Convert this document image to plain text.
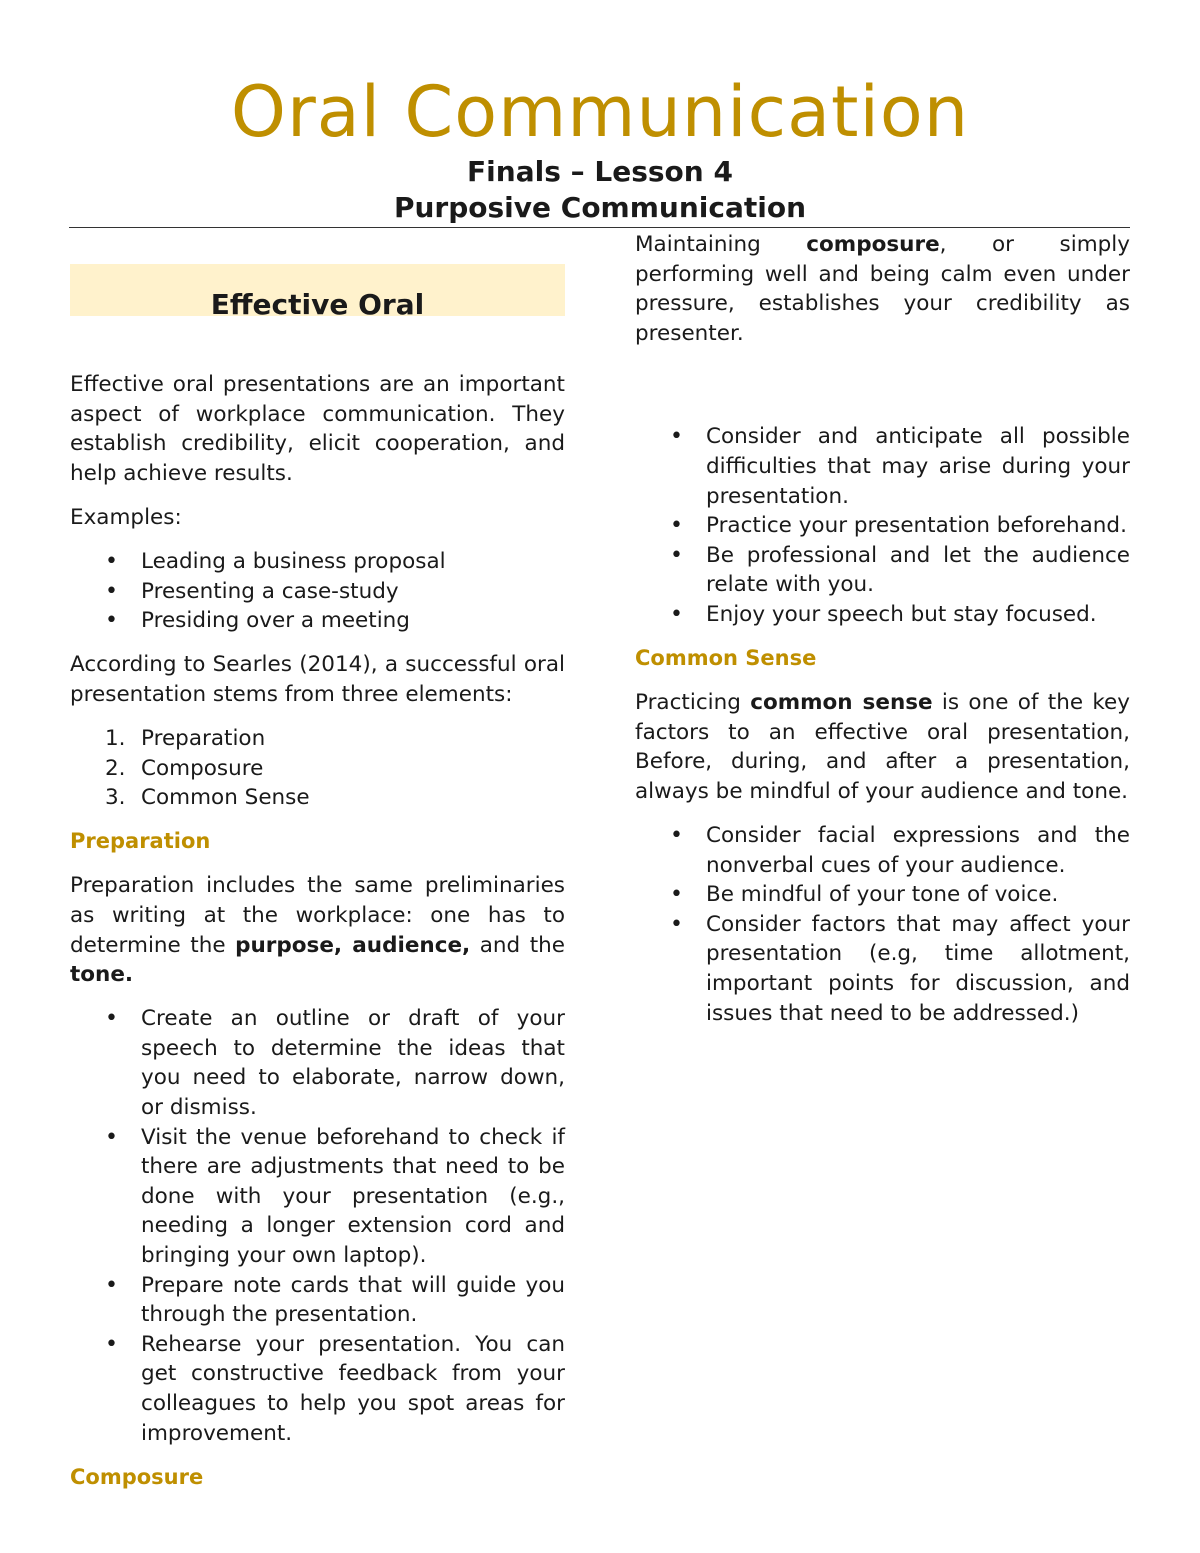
Oral Communication
Finals – Lesson 4
Purposive Communication
Effective Oral

Effective oral presentations are an important aspect of workplace communication. They establish credibility, elicit cooperation, and help achieve results.

Examples:

• Leading a business proposal
• Presenting a case-study
• Presiding over a meeting

According to Searles (2014), a successful oral presentation stems from three elements:

1. Preparation
2. Composure
3. Common Sense
Preparation

Preparation includes the same preliminaries as writing at the workplace: one has to determine the purpose, audience, and the tone.

• Create an outline or draft of your speech to determine the ideas that you need to elaborate, narrow down, or dismiss.
• Visit the venue beforehand to check if there are adjustments that need to be done with your presentation (e.g., needing a longer extension cord and bringing your own laptop).
• Prepare note cards that will guide you through the presentation.
• Rehearse your presentation. You can get constructive feedback from your colleagues to help you spot areas for improvement.
Composure

Maintaining composure, or simply performing well and being calm even under pressure, establishes your credibility as presenter.

• Consider and anticipate all possible difficulties that may arise during your presentation.
• Practice your presentation beforehand.
• Be professional and let the audience relate with you.
• Enjoy your speech but stay focused.
Common Sense

Practicing common sense is one of the key factors to an effective oral presentation, Before, during, and after a presentation, always be mindful of your audience and tone.

• Consider facial expressions and the nonverbal cues of your audience.
• Be mindful of your tone of voice.
• Consider factors that may affect your presentation (e.g, time allotment, important points for discussion, and issues that need to be addressed.)
